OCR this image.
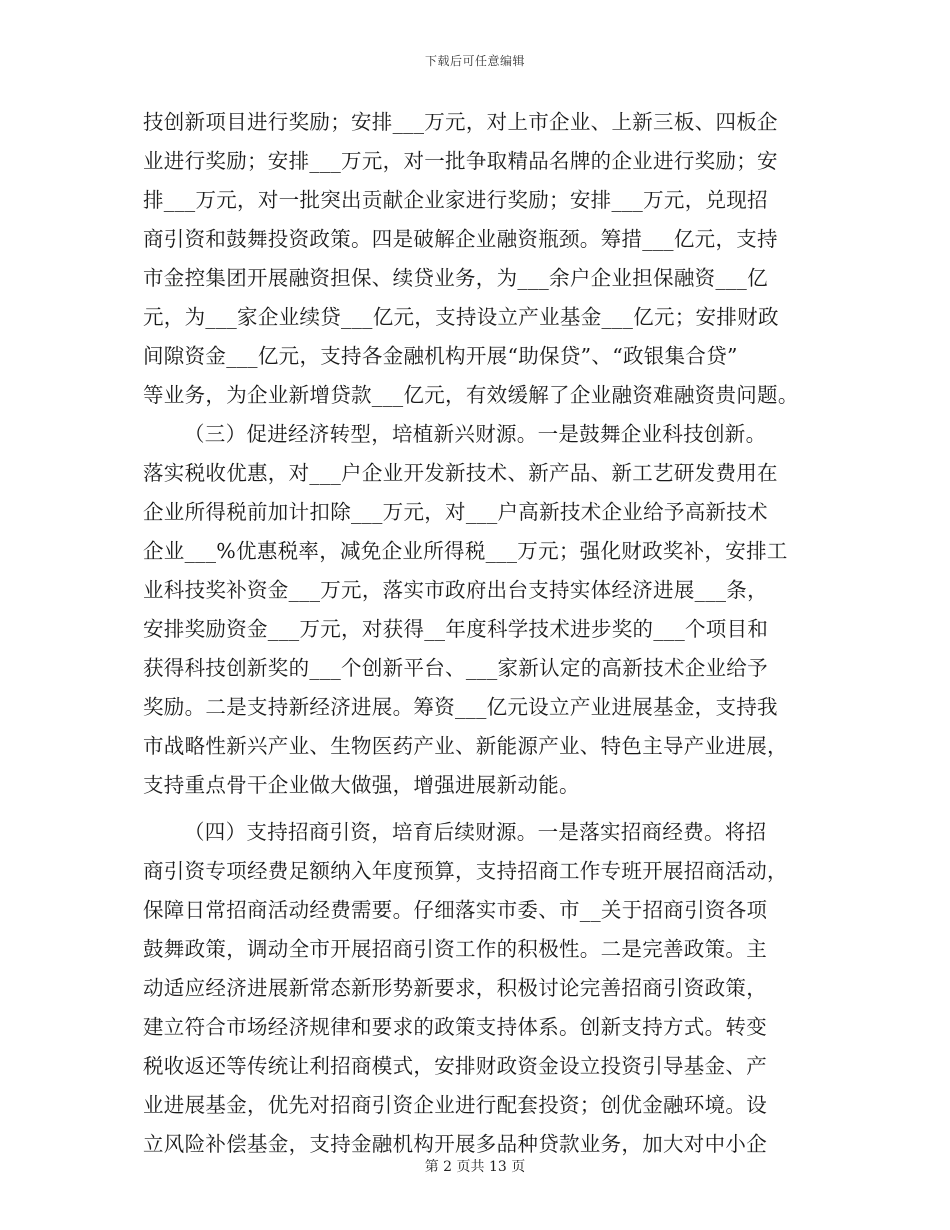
下载后可任意编辑
技创新项目进行奖励；安排___万元，对上市企业、上新三板、四板企
业进行奖励；安排___万元，对一批争取精品名牌的企业进行奖励；安
排___万元，对一批突出贡献企业家进行奖励；安排___万元，兑现招
商引资和鼓舞投资政策。四是破解企业融资瓶颈。筹措___亿元，支持
市金控集团开展融资担保、续贷业务，为___余户企业担保融资___亿
元，为___家企业续贷___亿元，支持设立产业基金___亿元；安排财政
间隙资金___亿元，支持各金融机构开展“助保贷”、“政银集合贷”
等业务，为企业新增贷款___亿元，有效缓解了企业融资难融资贵问题。
（三）促进经济转型，培植新兴财源。一是鼓舞企业科技创新。
落实税收优惠，对___户企业开发新技术、新产品、新工艺研发费用在
企业所得税前加计扣除___万元，对___户高新技术企业给予高新技术
企业___%优惠税率，减免企业所得税___万元；强化财政奖补，安排工
业科技奖补资金___万元，落实市政府出台支持实体经济进展___条，
安排奖励资金___万元，对获得__年度科学技术进步奖的___个项目和
获得科技创新奖的___个创新平台、___家新认定的高新技术企业给予
奖励。二是支持新经济进展。筹资___亿元设立产业进展基金，支持我
市战略性新兴产业、生物医药产业、新能源产业、特色主导产业进展，
支持重点骨干企业做大做强，增强进展新动能。
（四）支持招商引资，培育后续财源。一是落实招商经费。将招
商引资专项经费足额纳入年度预算，支持招商工作专班开展招商活动，
保障日常招商活动经费需要。仔细落实市委、市__关于招商引资各项
鼓舞政策，调动全市开展招商引资工作的积极性。二是完善政策。主
动适应经济进展新常态新形势新要求，积极讨论完善招商引资政策，
建立符合市场经济规律和要求的政策支持体系。创新支持方式。转变
税收返还等传统让利招商模式，安排财政资金设立投资引导基金、产
业进展基金，优先对招商引资企业进行配套投资；创优金融环境。设
立风险补偿基金，支持金融机构开展多品种贷款业务，加大对中小企
第 2 页共 13 页
